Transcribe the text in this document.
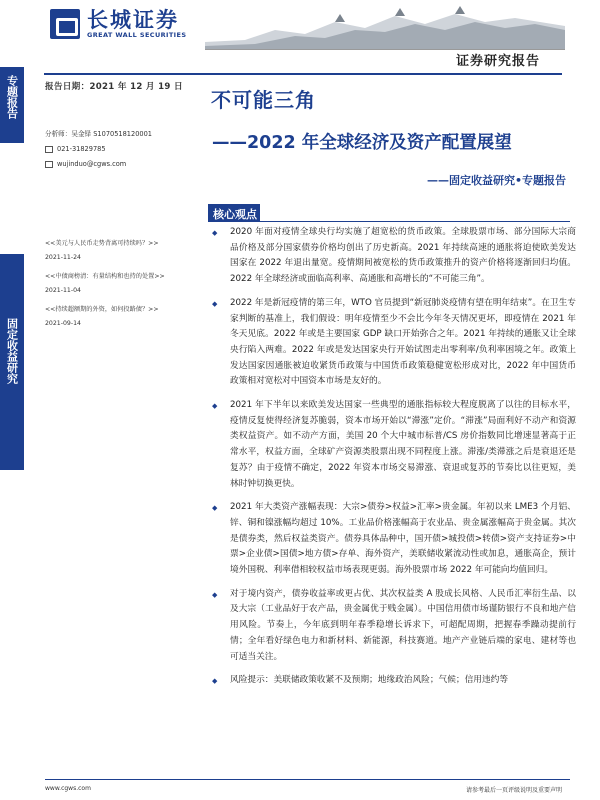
长城证券
GREAT WALL SECURITIES
证券研究报告
专题报告
固定收益研究
报告日期：2021 年 12 月 19 日
分析师：吴金铎 S1070518120001
021-31829785
wujinduo@cgws.com
<<美元与人民币走势背离可持续吗？>>
2021-11-24
<<中债商榜清：有量结构和也持的处置>>
2021-11-04
<<持续超额期的外资，如何投路债？>>
2021-09-14
不可能三角
——2022 年全球经济及资产配置展望
——固定收益研究•专题报告
核心观点
◆	2020 年面对疫情全球央行均实施了超宽松的货币政策。全球股票市场、部分国际大宗商品价格及部分国家债券价格均创出了历史新高。2021 年持续高速的通胀将迫使欧美发达国家在 2022 年退出量宽。疫情期间被宽松的货币政策推升的资产价格将逐渐回归均值。2022 年全球经济或面临高利率、高通胀和高增长的“不可能三角”。
◆	2022 年是新冠疫情的第三年，WTO 官员提到“新冠肺炎疫情有望在明年结束”。在卫生专家判断的基准上，我们假设：明年疫情至少不会比今年冬天情况更坏，即疫情在 2021 年冬天见底。2022 年或是主要国家 GDP 缺口开始弥合之年。2021 年持续的通胀又让全球央行陷入两难。2022 年或是发达国家央行开始试图走出零利率/负利率困境之年。政策上发达国家因通胀被迫收紧货币政策与中国货币政策稳健宽松形成对比，2022 年中国货币政策相对宽松对中国资本市场是友好的。
◆	2021 年下半年以来欧美发达国家一些典型的通胀指标较大程度脱离了以往的目标水平，疫情反复使得经济复苏脆弱，资本市场开始以“滞涨”定价。“滞涨”局面利好不动产和资源类权益资产。如不动产方面，美国 20 个大中城市标普/CS 房价指数同比增速显著高于正常水平，权益方面，全球矿产资源类股票出现不同程度上涨。滞涨/类滞涨之后是衰退还是复苏？由于疫情不确定，2022 年资本市场交易滞涨、衰退或复苏的节奏比以往更短，美林时钟切换更快。
◆	2021 年大类资产涨幅表现：大宗>债券>权益>汇率>贵金属。年初以来 LME3 个月铝、锌、铜和镍涨幅均超过 10%。工业品价格涨幅高于农业品、贵金属涨幅高于贵金属。其次是债券类，然后权益类资产。债券具体品种中，国开债>城投债>转债>资产支持证券>中票>企业债>国债>地方债>存单、海外资产，美联储收紧流动性或加息，通胀高企，预计境外国税、利率借相较权益市场表现更弱。海外股票市场 2022 年可能向均值回归。
◆	对于境内资产，债券收益率或更占优、其次权益类 A 股成长风格、人民币汇率衍生品、以及大宗（工业品好于农产品，贵金属优于贱金属）。中国信用债市场谨防银行不良和地产信用风险。节奏上，今年底到明年春季稳增长诉求下，可超配周期，把握春季躁动提前行情；全年看好绿色电力和新材料、新能源，科技赛道。地产产业链后端的家电、建材等也可适当关注。
◆	风险提示：美联储政策收紧不及预期；地缘政治风险；气候；信用违约等
www.cgws.com	请参考最后一页评级说明及重要声明
